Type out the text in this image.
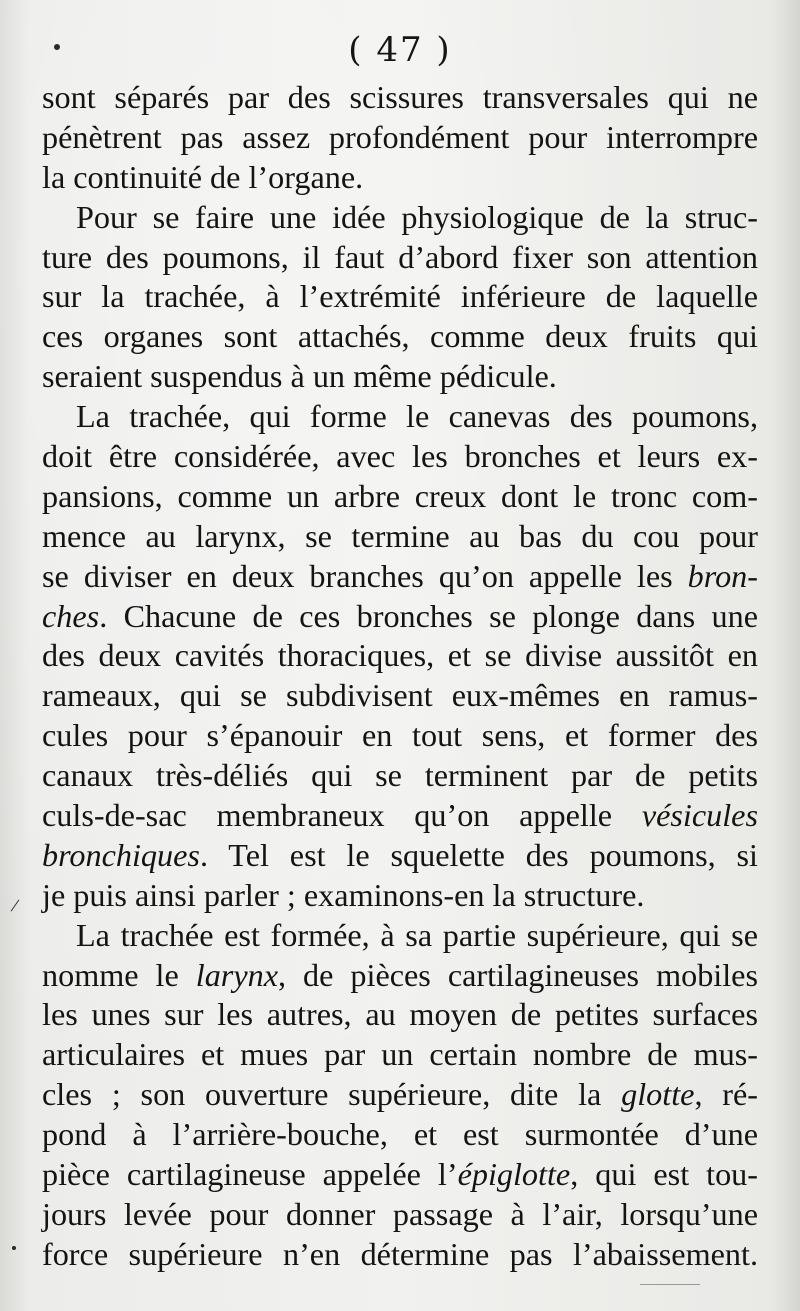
( 47 )
sont séparés par des scissures transversales qui ne
pénètrent pas assez profondément pour interrompre
la continuité de l’organe.
Pour se faire une idée physiologique de la struc-
ture des poumons, il faut d’abord fixer son attention
sur la trachée, à l’extrémité inférieure de laquelle
ces organes sont attachés, comme deux fruits qui
seraient suspendus à un même pédicule.
La trachée, qui forme le canevas des poumons,
doit être considérée, avec les bronches et leurs ex-
pansions, comme un arbre creux dont le tronc com-
mence au larynx, se termine au bas du cou pour
se diviser en deux branches qu’on appelle les bron-
ches. Chacune de ces bronches se plonge dans une
des deux cavités thoraciques, et se divise aussitôt en
rameaux, qui se subdivisent eux-mêmes en ramus-
cules pour s’épanouir en tout sens, et former des
canaux très-déliés qui se terminent par de petits
culs-de-sac membraneux qu’on appelle vésicules
bronchiques. Tel est le squelette des poumons, si
je puis ainsi parler ; examinons-en la structure.
La trachée est formée, à sa partie supérieure, qui se
nomme le larynx, de pièces cartilagineuses mobiles
les unes sur les autres, au moyen de petites surfaces
articulaires et mues par un certain nombre de mus-
cles ; son ouverture supérieure, dite la glotte, ré-
pond à l’arrière-bouche, et est surmontée d’une
pièce cartilagineuse appelée l’épiglotte, qui est tou-
jours levée pour donner passage à l’air, lorsqu’une
force supérieure n’en détermine pas l’abaissement.
